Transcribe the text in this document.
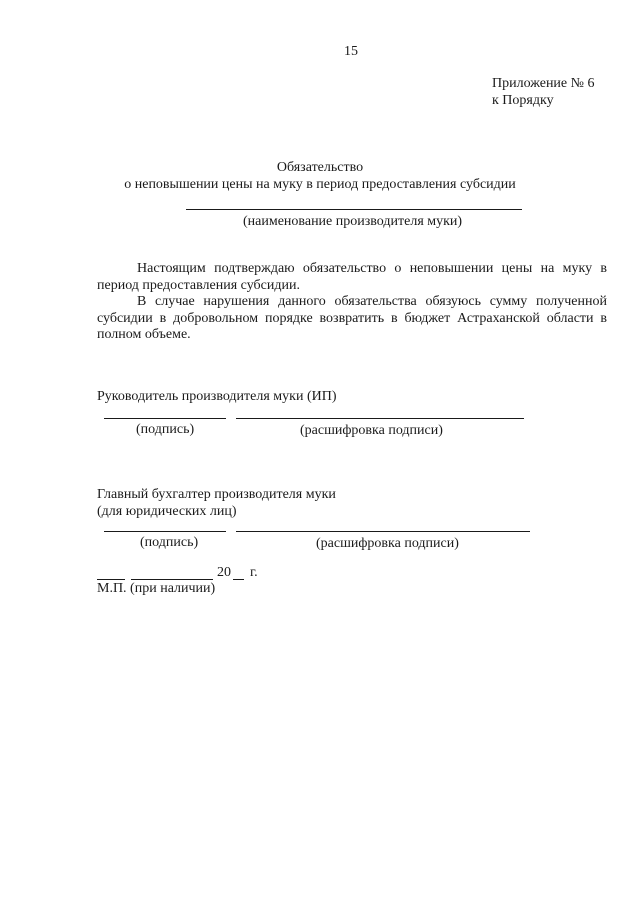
15
Приложение № 6
к Порядку
Обязательство
о неповышении цены на муку в период предоставления субсидии
(наименование производителя муки)
Настоящим подтверждаю обязательство о неповышении цены на муку в период предоставления субсидии.
В случае нарушения данного обязательства обязуюсь сумму полученной субсидии в добровольном порядке возвратить в бюджет Астраханской области в полном объеме.
Руководитель производителя муки (ИП)
(подпись)	(расшифровка подписи)
Главный бухгалтер производителя муки
(для юридических лиц)
(подпись)	(расшифровка подписи)
20 г.
М.П. (при наличии)
